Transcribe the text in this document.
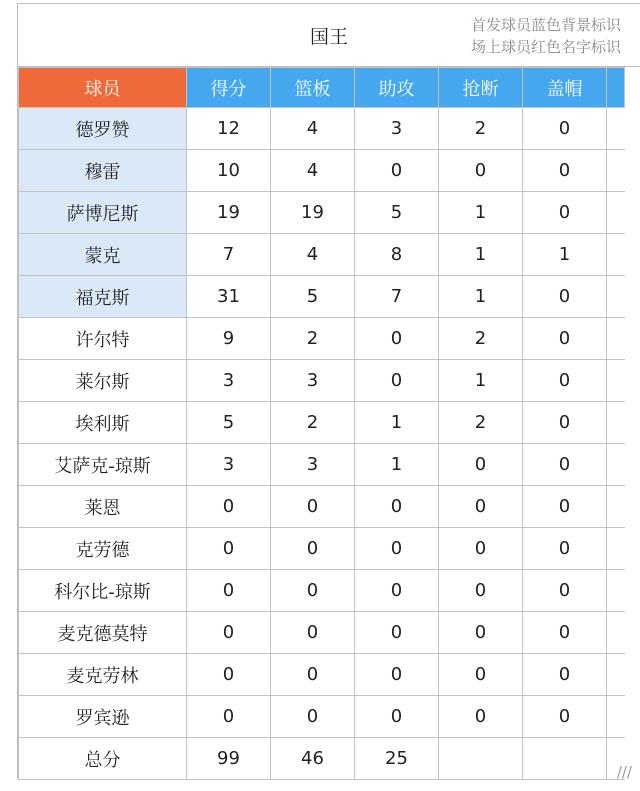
国王
首发球员蓝色背景标识
场上球员红色名字标识
球员	得分	篮板	助攻	抢断	盖帽	
德罗赞	12	4	3	2	0	
穆雷	10	4	0	0	0	
萨博尼斯	19	19	5	1	0	
蒙克	7	4	8	1	1	
福克斯	31	5	7	1	0	
许尔特	9	2	0	2	0	
莱尔斯	3	3	0	1	0	
埃利斯	5	2	1	2	0	
艾萨克-琼斯	3	3	1	0	0	
莱恩	0	0	0	0	0	
克劳德	0	0	0	0	0	
科尔比-琼斯	0	0	0	0	0	
麦克德莫特	0	0	0	0	0	
麦克劳林	0	0	0	0	0	
罗宾逊	0	0	0	0	0	
总分	99	46	25			
///
